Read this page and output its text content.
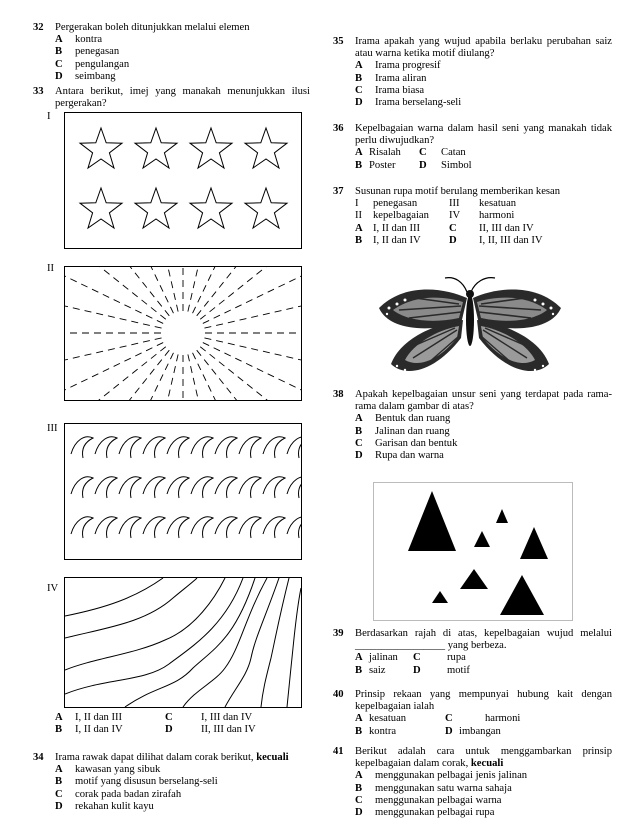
32	Pergerakan boleh ditunjukkan melalui elemen
A	kontra
B	penegasan
C	pengulangan
D	seimbang
33	Antara berikut, imej yang manakah menunjukkan ilusi pergerakan?
A	I, II dan III	C	I, III dan IV
B	I, II dan IV	D	II, III dan IV
34	Irama rawak dapat dilihat dalam corak berikut, kecuali
A	kawasan yang sibuk
B	motif yang disusun berselang-seli
C	corak pada badan zirafah
D	rekahan kulit kayu
I
II
III
IV
35	Irama apakah yang wujud apabila berlaku perubahan saiz atau warna ketika motif diulang?
A	Irama progresif
B	Irama aliran
C	Irama biasa
D	Irama berselang-seli
36	Kepelbagaian warna dalam hasil seni yang manakah tidak perlu diwujudkan?
A Risalah C	Catan
B Poster D	Simbol
37	Susunan rupa motif berulang memberikan kesan
I	penegasan	III	kesatuan
II	kepelbagaian IV	harmoni
A I, II dan III	C	II, III dan IV
B	I, II dan IV	D	I, II, III dan IV
38	Apakah kepelbagaian unsur seni yang terdapat pada rama-rama dalam gambar di atas?
A	Bentuk dan ruang
B	Jalinan dan ruang
C	Garisan dan bentuk
D	Rupa dan warna
39	Berdasarkan rajah di atas, kepelbagaian wujud melalui _________________ yang berbeza.
A jalinan C	rupa
B saiz	D	motif
40	Prinsip rekaan yang mempunyai hubung kait dengan kepelbagaian ialah
A kesatuan	C	harmoni
B kontra	D imbangan
41	Berikut adalah cara untuk menggambarkan prinsip kepelbagaian dalam corak, kecuali
A	menggunakan pelbagai jenis jalinan
B	menggunakan satu warna sahaja
C	menggunakan pelbagai warna
D	menggunakan pelbagai rupa
